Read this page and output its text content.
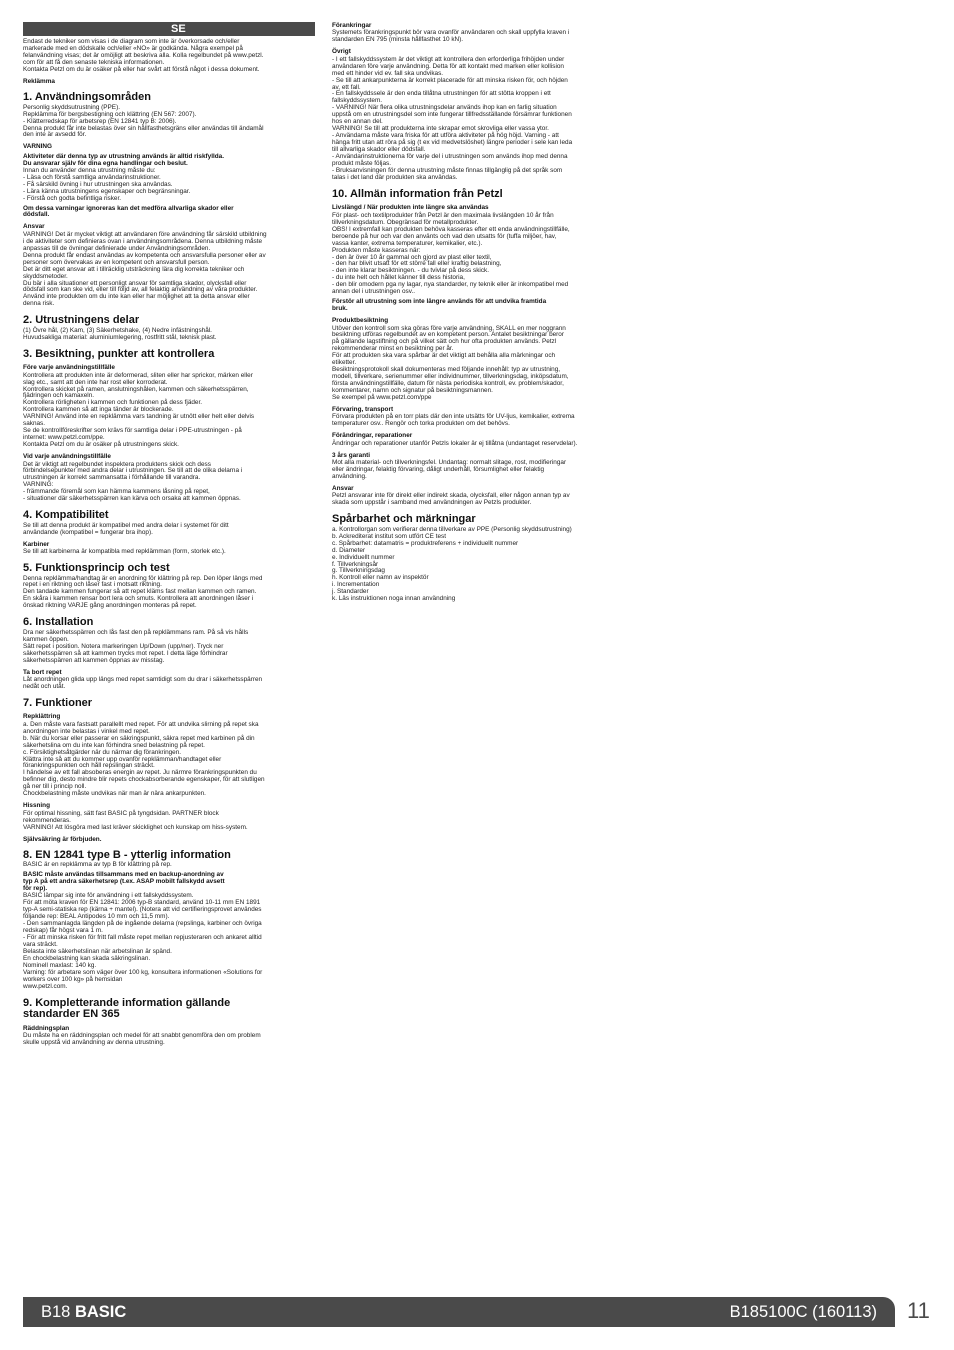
SE

Endast de tekniker som visas i de diagram som inte är överkorsade och/eller
markerade med en dödskalle och/eller «NO» är godkända. Några exempel på
felanvändning visas; det är omöjligt att beskriva alla. Kolla regelbundet på www.petzl.
com för att få den senaste tekniska informationen.
Kontakta Petzl om du är osäker på eller har svårt att förstå något i dessa dokument.

Reklämma
1. Användningsområden

Personlig skyddsutrustning (PPE).
Repklämma för bergsbestigning och klättring (EN 567: 2007).
- Klätterredskap för arbetsrep (EN 12841 typ B: 2006).
Denna produkt får inte belastas över sin hållfasthetsgräns eller användas till ändamål
den inte är avsedd för.

VARNING

Aktiviteter där denna typ av utrustning används är alltid riskfyllda.
Du ansvarar själv för dina egna handlingar och beslut.

Innan du använder denna utrustning måste du:
- Läsa och förstå samtliga användarinstruktioner.
- Få särskild övning i hur utrustningen ska användas.
- Lära känna utrustningens egenskaper och begränsningar.
- Förstå och godta befintliga risker.

Om dessa varningar ignoreras kan det medföra allvarliga skador eller
dödsfall.

Ansvar

VARNING! Det är mycket viktigt att användaren före användning får särskild utbildning
i de aktiviteter som definieras ovan i användningsområdena. Denna utbildning måste
anpassas till de övningar definierade under Användningsområden.
Denna produkt får endast användas av kompetenta och ansvarsfulla personer eller av
personer som övervakas av en kompetent och ansvarsfull person.
Det är ditt eget ansvar att i tillräcklig utsträckning lära dig korrekta tekniker och
skyddsmetoder.
Du bär i alla situationer ett personligt ansvar för samtliga skador, olycksfall eller
dödsfall som kan ske vid, eller till följd av, all felaktig användning av våra produkter.
Använd inte produkten om du inte kan eller har möjlighet att ta detta ansvar eller
denna risk.

2. Utrustningens delar

(1) Övre hål, (2) Kam, (3) Säkerhetshake, (4) Nedre infästningshål.
Huvudsakliga material: aluminiumlegering, rostfritt stål, teknisk plast.

3. Besiktning, punkter att kontrollera
Före varje användningstillfälle

Kontrollera att produkten inte är deformerad, sliten eller har sprickor, märken eller
slag etc., samt att den inte har rost eller korroderat.
Kontrollera skicket på ramen, anslutningshålen, kammen och säkerhetsspärren,
fjädringen och kamaxeln.
Kontrollera rörligheten i kammen och funktionen på dess fjäder.
Kontrollera kammen så att inga tänder är blockerade.
VARNING! Använd inte en repklämma vars tandning är utnött eller helt eller delvis
saknas.
Se de kontrollföreskrifter som krävs för samtliga delar i PPE-utrustningen - på
internet: www.petzl.com/ppe.
Kontakta Petzl om du är osäker på utrustningens skick.

Vid varje användningstillfälle

Det är viktigt att regelbundet inspektera produktens skick och dess
förbindelsepunkter med andra delar i utrustningen. Se till att de olika delarna i
utrustningen är korrekt sammansatta i förhållande till varandra.
VARNING:
- främmande föremål som kan hämma kammens låsning på repet,
- situationer där säkerhetsspärren kan kärva och orsaka att kammen öppnas.

4. Kompatibilitet

Se till att denna produkt är kompatibel med andra delar i systemet för ditt
användande (kompatibel = fungerar bra ihop).

Karbiner

Se till att karbinerna är kompatibla med repklämman (form, storlek etc.).

5. Funktionsprincip och test

Denna repklämma/handtag är en anordning för klättring på rep. Den löper längs med
repet i en riktning och låser fast i motsatt riktning.
Den tandade kammen fungerar så att repet kläms fast mellan kammen och ramen.
En skåra i kammen rensar bort lera och smuts. Kontrollera att anordningen låser i
önskad riktning VARJE gång anordningen monteras på repet.

6. Installation

Dra ner säkerhetsspärren och lås fast den på repklämmans ram. På så vis hålls
kammen öppen.
Sätt repet i position. Notera markeringen Up/Down (upp/ner). Tryck ner
säkerhetsspärren så att kammen trycks mot repet. I detta läge förhindrar
säkerhetsspärren att kammen öppnas av misstag.

Ta bort repet

Låt anordningen glida upp längs med repet samtidigt som du drar i säkerhetsspärren
nedåt och utåt.

7. Funktioner
Repklättring

a. Den måste vara fastsatt parallellt med repet. För att undvika slirning på repet ska
anordningen inte belastas i vinkel med repet.
b. När du korsar eller passerar en säkringspunkt, säkra repet med karbinen på din
säkerhetslina om du inte kan förhindra sned belastning på repet.
c. Försiktighetsåtgärder när du närmar dig förankringen.
Klättra inte så att du kommer upp ovanför repklämman/handtaget eller
förankringspunkten och håll repslingan sträckt.
I händelse av ett fall absoberas energin av repet. Ju närmre förankringspunkten du
befinner dig, desto mindre blir repets chockabsorberande egenskaper, för att slutligen
gå ner till i princip noll.
Chockbelastning måste undvikas när man är nära ankarpunkten.

Hissning

För optimal hissning, sätt fast BASIC på tyngdsidan. PARTNER block
rekommenderas.
VARNING! Att lösgöra med last kräver skicklighet och kunskap om hiss-system.

Självsäkring är förbjuden.
8. EN 12841 type B - ytterlig information

BASIC är en repklämma av typ B för klättring på rep.

BASIC måste användas tillsammans med en backup-anordning av
typ A på ett andra säkerhetsrep (t.ex. ASAP mobilt fallskydd avsett
för rep).

BASIC lämpar sig inte för användning i ett fallskyddssystem.
För att möta kraven för EN 12841: 2006 typ-B standard, använd 10-11 mm EN 1891
typ-A semi-statiska rep (kärna + mantel). (Notera att vid certifieringsprovet användes
följande rep: BEAL Antipodes 10 mm och 11,5 mm).
- Den sammanlagda längden på de ingående delarna (repslinga, karbiner och övriga
redskap) får högst vara 1 m.
- För att minska risken för fritt fall måste repet mellan repjusteraren och ankaret alltid
vara sträckt.
Belasta inte säkerhetslinan när arbetslinan är spänd.
En chockbelastning kan skada säkringslinan.
Nominell maxlast: 140 kg.
Varning: för arbetare som väger över 100 kg, konsultera informationen «Solutions for
workers over 100 kg» på hemsidan
www.petzl.com.

9. Kompletterande information gällande
standarder EN 365
Räddningsplan

Du måste ha en räddningsplan och medel för att snabbt genomföra den om problem
skulle uppstå vid användning av denna utrustning.

Förankringar

Systemets förankringspunkt bör vara ovanför användaren och skall uppfylla kraven i
standarden EN 795 (minsta hållfasthet 10 kN).

Övrigt

- I ett fallskyddssystem är det viktigt att kontrollera den erforderliga frihöjden under
användaren före varje användning. Detta för att kontakt med marken eller kollision
med ett hinder vid ev. fall ska undvikas.
- Se till att ankarpunkterna är korrekt placerade för att minska risken för, och höjden
av, ett fall.
- En fallskyddssele är den enda tillåtna utrustningen för att stötta kroppen i ett
fallskyddssystem.
- VARNING! När flera olika utrustningsdelar används ihop kan en farlig situation
uppstå om en utrustningsdel som inte fungerar tillfredsställande försämrar funktionen
hos en annan del.
VARNING! Se till att produkterna inte skrapar emot skrovliga eller vassa ytor.
- Användarna måste vara friska för att utföra aktiviteter på hög höjd. Varning - att
hänga fritt utan att röra på sig (t ex vid medvetslöshet) längre perioder i sele kan leda
till allvarliga skador eller dödsfall.
- Användarinstruktionerna för varje del i utrustningen som används ihop med denna
produkt måste följas.
- Bruksanvisningen för denna utrustning måste finnas tillgänglig på det språk som
talas i det land där produkten ska användas.

10. Allmän information från Petzl
Livslängd / När produkten inte längre ska användas

För plast- och textilprodukter från Petzl är den maximala livslängden 10 år från
tillverkningsdatum. Obegränsad för metallprodukter.
OBS! I extremfall kan produkten behöva kasseras efter ett enda användningstillfälle,
beroende på hur och var den använts och vad den utsatts för (tuffa miljöer, hav,
vassa kanter, extrema temperaturer, kemikalier, etc.).
Produkten måste kasseras när:
- den är över 10 år gammal och gjord av plast eller textil,
- den har blivit utsatt för ett större fall eller kraftig belastning,
- den inte klarar besiktningen. - du tvivlar på dess skick.
- du inte helt och hållet känner till dess historia,
- den blir omodern pga ny lagar, nya standarder, ny teknik eller är inkompatibel med
annan del i utrustningen osv..

Förstör all utrustning som inte längre används för att undvika framtida
bruk.

Produktbesiktning

Utöver den kontroll som ska göras före varje användning, SKALL en mer noggrann
besiktning utföras regelbundet av en kompetent person. Antalet besiktningar beror
på gällande lagstiftning och på vilket sätt och hur ofta produkten används. Petzl
rekommenderar minst en besiktning per år.
För att produkten ska vara spårbar är det viktigt att behålla alla märkningar och
etiketter.
Besiktningsprotokoll skall dokumenteras med följande innehåll: typ av utrustning,
modell, tillverkare, serienummer eller individnummer, tillverkningsdag, inköpsdatum,
första användningstillfälle, datum för nästa periodiska kontroll, ev. problem/skador,
kommentarer, namn och signatur på besiktningsmannen.
Se exempel på www.petzl.com/ppe

Förvaring, transport

Förvara produkten på en torr plats där den inte utsätts för UV-ljus, kemikalier, extrema
temperaturer osv.. Rengör och torka produkten om det behövs.

Förändringar, reparationer

Ändringar och reparationer utanför Petzls lokaler är ej tillåtna (undantaget reservdelar).

3 års garanti

Mot alla material- och tillverkningsfel. Undantag: normalt slitage, rost, modifieringar
eller ändringar, felaktig förvaring, dåligt underhåll, försumlighet eller felaktig
användning.

Ansvar

Petzl ansvarar inte för direkt eller indirekt skada, olycksfall, eller någon annan typ av
skada som uppstår i samband med användningen av Petzls produkter.

Spårbarhet och märkningar

a. Kontrollorgan som verifierar denna tillverkare av PPE (Personlig skyddsutrustning)
b. Ackrediterat institut som utfört CE test
c. Spårbarhet: datamatris = produktreferens + individuellt nummer
d. Diameter
e. Individuellt nummer
f. Tillverkningsår
g. Tillverkningsdag
h. Kontroll eller namn av inspektör
i. Incrementation
j. Standarder
k. Läs instruktionen noga innan användning

B18 BASIC	B185100C (160113) 11
